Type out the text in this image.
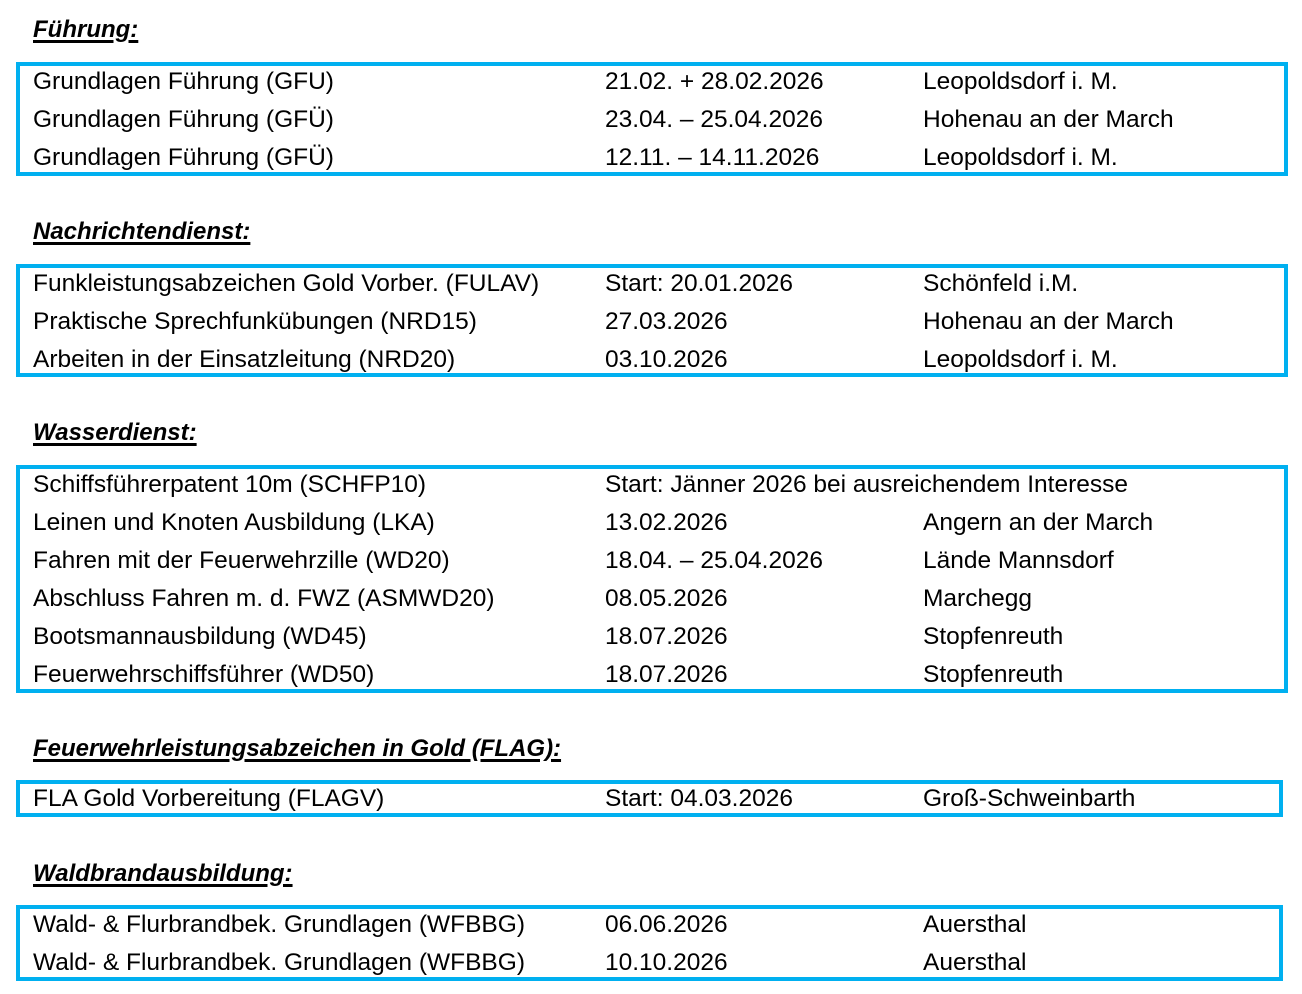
Führung:
Grundlagen Führung (GFU)	21.02. + 28.02.2026	Leopoldsdorf i. M.
Grundlagen Führung (GFÜ)	23.04. – 25.04.2026	Hohenau an der March
Grundlagen Führung (GFÜ)	12.11. – 14.11.2026	Leopoldsdorf i. M.
Nachrichtendienst:
Funkleistungsabzeichen Gold Vorber. (FULAV)	Start: 20.01.2026	Schönfeld i.M.
Praktische Sprechfunkübungen (NRD15)	27.03.2026	Hohenau an der March
Arbeiten in der Einsatzleitung (NRD20)	03.10.2026	Leopoldsdorf i. M.
Wasserdienst:
Schiffsführerpatent 10m (SCHFP10)	Start: Jänner 2026 bei ausreichendem Interesse
Leinen und Knoten Ausbildung (LKA)	13.02.2026	Angern an der March
Fahren mit der Feuerwehrzille (WD20)	18.04. – 25.04.2026	Lände Mannsdorf
Abschluss Fahren m. d. FWZ (ASMWD20)	08.05.2026	Marchegg
Bootsmannausbildung (WD45)	18.07.2026	Stopfenreuth
Feuerwehrschiffsführer (WD50)	18.07.2026	Stopfenreuth
Feuerwehrleistungsabzeichen in Gold (FLAG):
FLA Gold Vorbereitung (FLAGV)	Start: 04.03.2026	Groß-Schweinbarth
Waldbrandausbildung:
Wald- & Flurbrandbek. Grundlagen (WFBBG)	06.06.2026	Auersthal
Wald- & Flurbrandbek. Grundlagen (WFBBG)	10.10.2026	Auersthal
